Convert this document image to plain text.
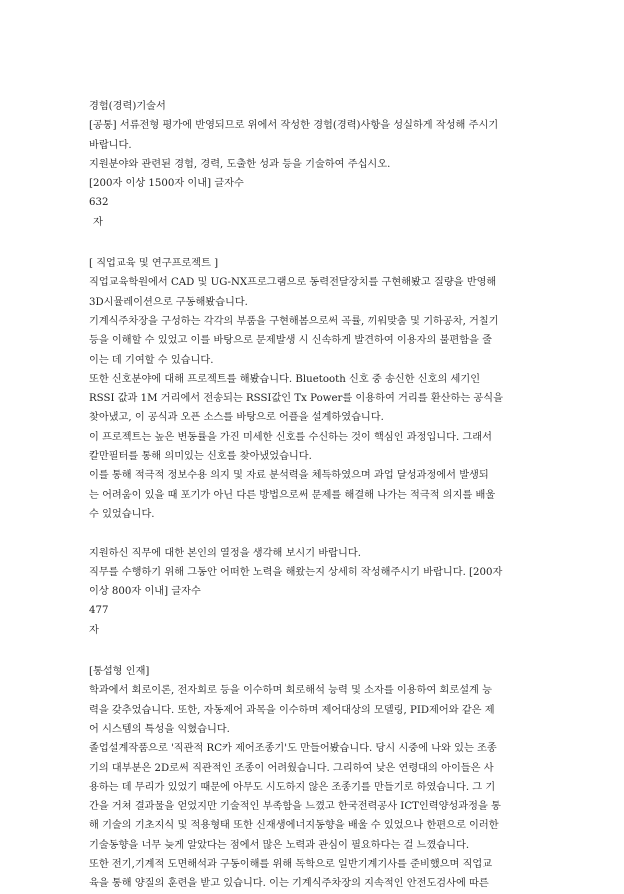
경험(경력)기술서
[공통] 서류전형 평가에 반영되므로 위에서 작성한 경험(경력)사항을 성실하게 작성해 주시기
바랍니다.
지원분야와 관련된 경험, 경력, 도출한 성과 등을 기술하여 주십시오.
[200자 이상 1500자 이내] 글자수
632
자
[ 직업교육 및 연구프로젝트 ]
직업교육학원에서 CAD 및 UG-NX프로그램으로 동력전달장치를 구현해봤고 질량을 반영해
3D시뮬레이션으로 구동해봤습니다.
기계식주차장을 구성하는 각각의 부품을 구현해봄으로써 곡률, 끼워맞춤 및 기하공차, 거칠기
등을 이해할 수 있었고 이를 바탕으로 문제발생 시 신속하게 발견하여 이용자의 불편함을 줄
이는 데 기여할 수 있습니다.
또한 신호분야에 대해 프로젝트를 해봤습니다. Bluetooth 신호 중 송신한 신호의 세기인
RSSI 값과 1M 거리에서 전송되는 RSSI값인 Tx Power를 이용하여 거리를 환산하는 공식을
찾아냈고, 이 공식과 오픈 소스를 바탕으로 어플을 설계하였습니다.
이 프로젝트는 높은 변동률을 가진 미세한 신호를 수신하는 것이 핵심인 과정입니다. 그래서
칼만필터를 통해 의미있는 신호를 찾아냈었습니다.
이를 통해 적극적 정보수용 의지 및 자료 분석력을 체득하였으며 과업 달성과정에서 발생되
는 어려움이 있을 때 포기가 아닌 다른 방법으로써 문제를 해결해 나가는 적극적 의지를 배울
수 있었습니다.
지원하신 직무에 대한 본인의 열정을 생각해 보시기 바랍니다.
직무를 수행하기 위해 그동안 어떠한 노력을 해왔는지 상세히 작성해주시기 바랍니다. [200자
이상 800자 이내] 글자수
477
자
[통섭형 인재]
학과에서 회로이론, 전자회로 등을 이수하며 회로해석 능력 및 소자를 이용하여 회로설계 능
력을 갖추었습니다. 또한, 자동제어 과목을 이수하며 제어대상의 모델링, PID제어와 같은 제
어 시스템의 특성을 익혔습니다.
졸업설계작품으로 '직관적 RC카 제어조종기'도 만들어봤습니다. 당시 시중에 나와 있는 조종
기의 대부분은 2D로써 직관적인 조종이 어려웠습니다. 그리하여 낮은 연령대의 아이들은 사
용하는 데 무리가 있었기 때문에 아무도 시도하지 않은 조종기를 만들기로 하였습니다. 그 기
간을 거쳐 결과물을 얻었지만 기술적인 부족함을 느꼈고 한국전력공사 ICT인력양성과정을 통
해 기술의 기초지식 및 적용형태 또한 신재생에너지동향을 배울 수 있었으나 한편으로 이러한
기술동향을 너무 늦게 알았다는 점에서 많은 노력과 관심이 필요하다는 걸 느꼈습니다.
또한 전기,기계적 도면해석과 구동이해를 위해 독학으로 일반기계기사를 준비했으며 직업교
육을 통해 양질의 훈련을 받고 있습니다. 이는 기계식주차장의 지속적인 안전도검사에 따른
